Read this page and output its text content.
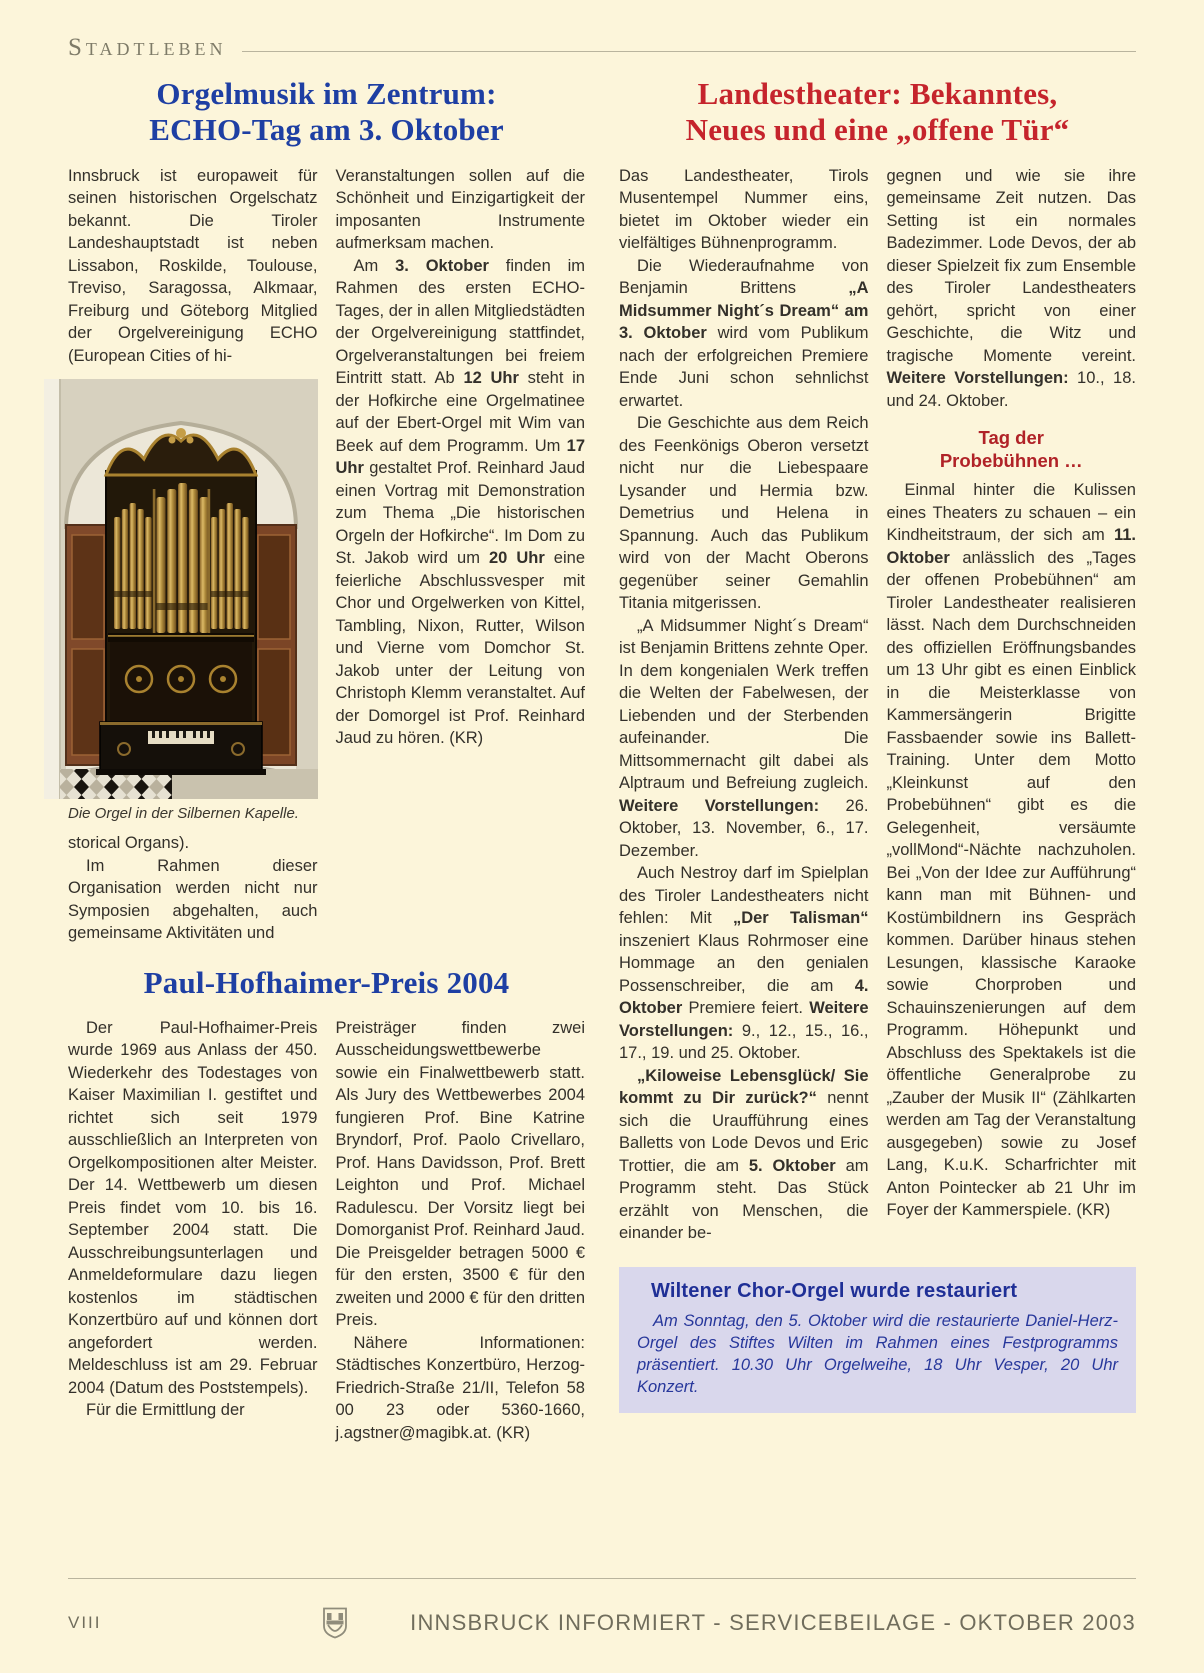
Stadtleben
Orgelmusik im Zentrum:
ECHO-Tag am 3. Oktober

Innsbruck ist europaweit für seinen historischen Orgelschatz bekannt. Die Tiroler Landeshauptstadt ist neben Lissabon, Roskilde, Toulouse, Treviso, Saragossa, Alkmaar, Freiburg und Göteborg Mitglied der Orgelvereinigung ECHO (European Cities of hi-

Die Orgel in der Silbernen Kapelle.

storical Organs).

Im Rahmen dieser Organisation werden nicht nur Symposien abgehalten, auch gemeinsame Aktivitäten und

Veranstaltungen sollen auf die Schönheit und Einzigartigkeit der imposanten Instrumente aufmerksam machen.

Am 3. Oktober finden im Rahmen des ersten ECHO-Tages, der in allen Mitgliedstädten der Orgelvereinigung stattfindet, Orgelveranstaltungen bei freiem Eintritt statt. Ab 12 Uhr steht in der Hofkirche eine Orgelmatinee auf der Ebert-Orgel mit Wim van Beek auf dem Programm. Um 17 Uhr gestaltet Prof. Reinhard Jaud einen Vortrag mit Demonstration zum Thema „Die historischen Orgeln der Hofkirche“. Im Dom zu St. Jakob wird um 20 Uhr eine feierliche Abschlussvesper mit Chor und Orgelwerken von Kittel, Tambling, Nixon, Rutter, Wilson und Vierne vom Domchor St. Jakob unter der Leitung von Christoph Klemm veranstaltet. Auf der Domorgel ist Prof. Reinhard Jaud zu hören. (KR)

Paul-Hofhaimer-Preis 2004

Der Paul-Hofhaimer-Preis wurde 1969 aus Anlass der 450. Wiederkehr des Todestages von Kaiser Maximilian I. gestiftet und richtet sich seit 1979 ausschließlich an Interpreten von Orgelkompositionen alter Meister. Der 14. Wettbewerb um diesen Preis findet vom 10. bis 16. September 2004 statt. Die Ausschreibungsunterlagen und Anmeldeformulare dazu liegen kostenlos im städtischen Konzertbüro auf und können dort angefordert werden. Meldeschluss ist am 29. Februar 2004 (Datum des Poststempels).

Für die Ermittlung der

Preisträger finden zwei Ausscheidungswettbewerbe sowie ein Finalwettbewerb statt. Als Jury des Wettbewerbes 2004 fungieren Prof. Bine Katrine Bryndorf, Prof. Paolo Crivellaro, Prof. Hans Davidsson, Prof. Brett Leighton und Prof. Michael Radulescu. Der Vorsitz liegt bei Domorganist Prof. Reinhard Jaud. Die Preisgelder betragen 5000 € für den ersten, 3500 € für den zweiten und 2000 € für den dritten Preis.

Nähere Informationen: Städtisches Konzertbüro, Herzog-Friedrich-Straße 21/II, Telefon 58 00 23 oder 5360-1660, j.agstner@magibk.at. (KR)

Landestheater: Bekanntes,
Neues und eine „offene Tür“

Das Landestheater, Tirols Musentempel Nummer eins, bietet im Oktober wieder ein vielfältiges Bühnenprogramm.

Die Wiederaufnahme von Benjamin Brittens „A Midsummer Night´s Dream“ am 3. Oktober wird vom Publikum nach der erfolgreichen Premiere Ende Juni schon sehnlichst erwartet.

Die Geschichte aus dem Reich des Feenkönigs Oberon versetzt nicht nur die Liebespaare Lysander und Hermia bzw. Demetrius und Helena in Spannung. Auch das Publikum wird von der Macht Oberons gegenüber seiner Gemahlin Titania mitgerissen.

„A Midsummer Night´s Dream“ ist Benjamin Brittens zehnte Oper. In dem kongenialen Werk treffen die Welten der Fabelwesen, der Liebenden und der Sterbenden aufeinander. Die Mittsommernacht gilt dabei als Alptraum und Befreiung zugleich. Weitere Vorstellungen: 26. Oktober, 13. November, 6., 17. Dezember.

Auch Nestroy darf im Spielplan des Tiroler Landestheaters nicht fehlen: Mit „Der Talisman“ inszeniert Klaus Rohrmoser eine Hommage an den genialen Possenschreiber, die am 4. Oktober Premiere feiert. Weitere Vorstellungen: 9., 12., 15., 16., 17., 19. und 25. Oktober.

„Kiloweise Lebensglück/ Sie kommt zu Dir zurück?“ nennt sich die Uraufführung eines Balletts von Lode Devos und Eric Trottier, die am 5. Oktober am Programm steht. Das Stück erzählt von Menschen, die einander be-

gegnen und wie sie ihre gemeinsame Zeit nutzen. Das Setting ist ein normales Badezimmer. Lode Devos, der ab dieser Spielzeit fix zum Ensemble des Tiroler Landestheaters gehört, spricht von einer Geschichte, die Witz und tragische Momente vereint. Weitere Vorstellungen: 10., 18. und 24. Oktober.

Tag der
Probebühnen …

Einmal hinter die Kulissen eines Theaters zu schauen – ein Kindheitstraum, der sich am 11. Oktober anlässlich des „Tages der offenen Probebühnen“ am Tiroler Landestheater realisieren lässt. Nach dem Durchschneiden des offiziellen Eröffnungsbandes um 13 Uhr gibt es einen Einblick in die Meisterklasse von Kammersängerin Brigitte Fassbaender sowie ins Ballett-Training. Unter dem Motto „Kleinkunst auf den Probebühnen“ gibt es die Gelegenheit, versäumte „vollMond“-Nächte nachzuholen. Bei „Von der Idee zur Aufführung“ kann man mit Bühnen- und Kostümbildnern ins Gespräch kommen. Darüber hinaus stehen Lesungen, klassische Karaoke sowie Chorproben und Schauinszenierungen auf dem Programm. Höhepunkt und Abschluss des Spektakels ist die öffentliche Generalprobe zu „Zauber der Musik II“ (Zählkarten werden am Tag der Veranstaltung ausgegeben) sowie zu Josef Lang, K.u.K. Scharfrichter mit Anton Pointecker ab 21 Uhr im Foyer der Kammerspiele. (KR)

Wiltener Chor-Orgel wurde restauriert

Am Sonntag, den 5. Oktober wird die restaurierte Daniel-Herz-Orgel des Stiftes Wilten im Rahmen eines Festprogramms präsentiert. 10.30 Uhr Orgelweihe, 18 Uhr Vesper, 20 Uhr Konzert.

VIII	INNSBRUCK INFORMIERT - SERVICEBEILAGE - OKTOBER 2003
